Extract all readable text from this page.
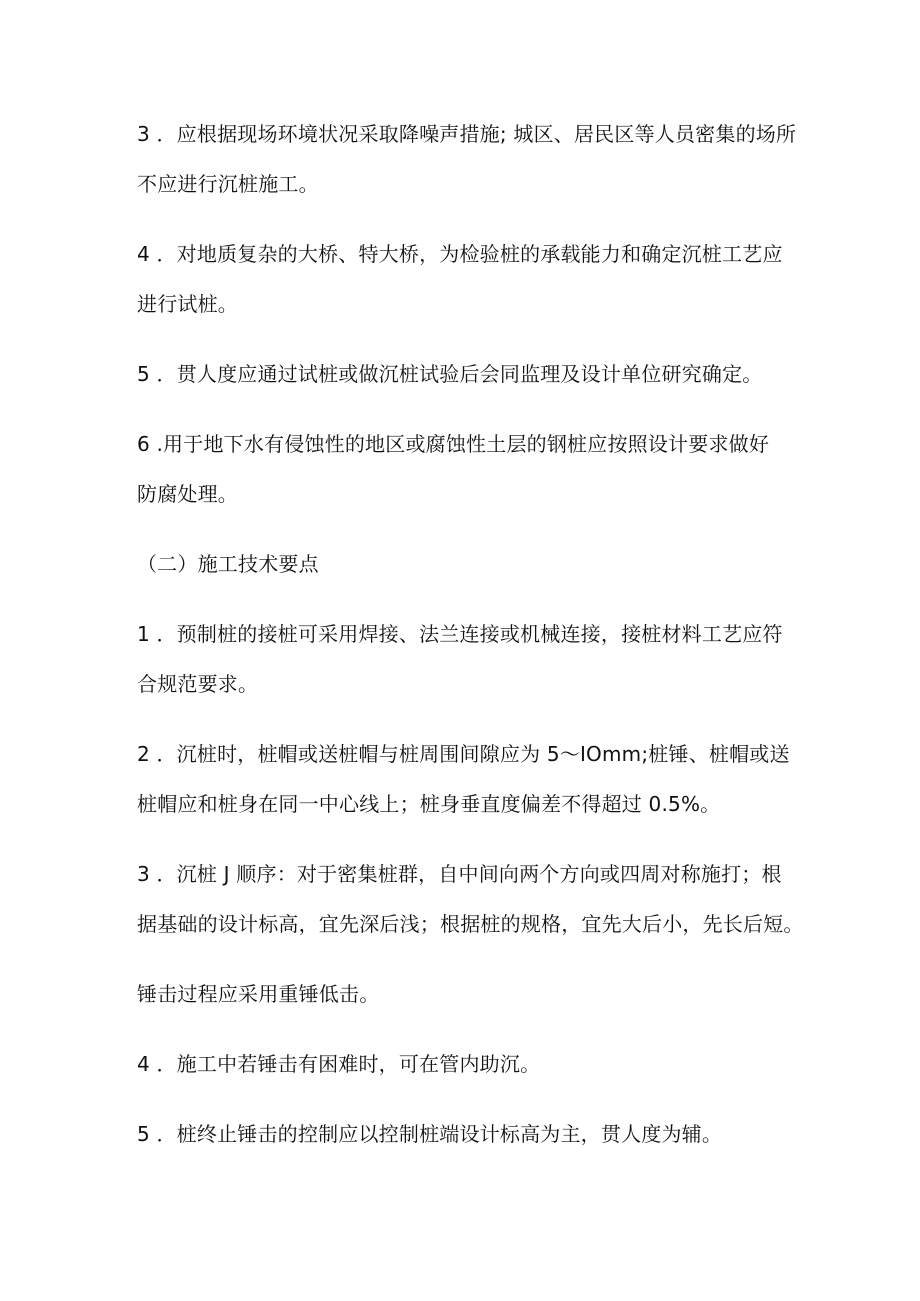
3 ．应根据现场环境状况采取降噪声措施; 城区、居民区等人员密集的场所
不应进行沉桩施工。
4 ．对地质复杂的大桥、特大桥，为检验桩的承载能力和确定沉桩工艺应
进行试桩。
5 ．贯人度应通过试桩或做沉桩试验后会同监理及设计单位研究确定。
6 .用于地下水有侵蚀性的地区或腐蚀性土层的钢桩应按照设计要求做好
防腐处理。
（二）施工技术要点
1 ．预制桩的接桩可采用焊接、法兰连接或机械连接，接桩材料工艺应符
合规范要求。
2 ．沉桩时，桩帽或送桩帽与桩周围间隙应为 5～IOmm;桩锤、桩帽或送
桩帽应和桩身在同一中心线上；桩身垂直度偏差不得超过 0.5%。
3 ．沉桩 J 顺序：对于密集桩群，自中间向两个方向或四周对称施打；根
据基础的设计标高，宜先深后浅；根据桩的规格，宜先大后小，先长后短。
锤击过程应采用重锤低击。
4 ．施工中若锤击有困难时，可在管内助沉。
5 ．桩终止锤击的控制应以控制桩端设计标高为主，贯人度为辅。
